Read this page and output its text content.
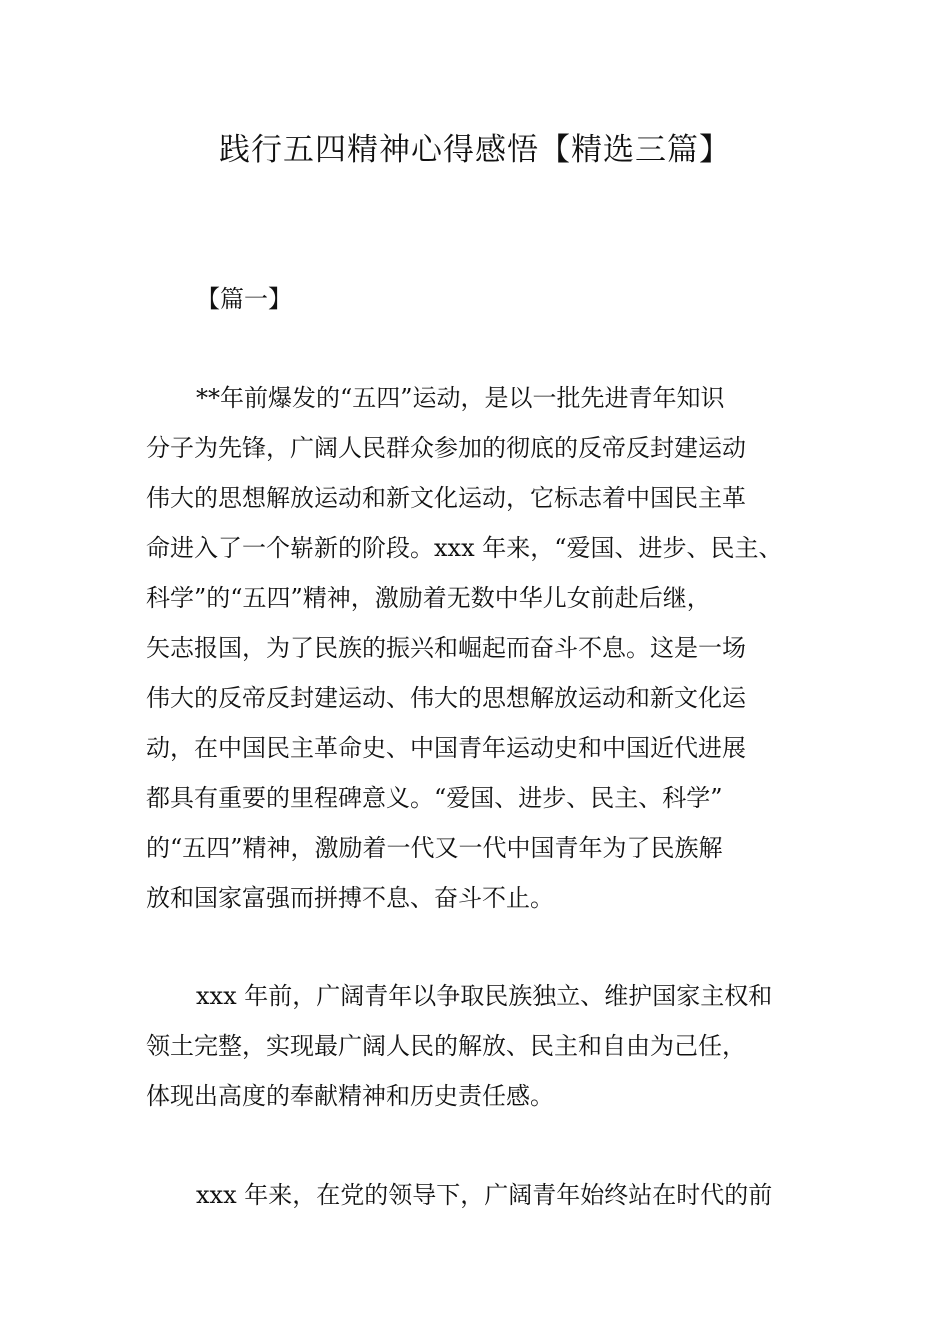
践行五四精神心得感悟【精选三篇】
【篇一】
**年前爆发的“五四”运动，是以一批先进青年知识
分子为先锋，广阔人民群众参加的彻底的反帝反封建运动
伟大的思想解放运动和新文化运动，它标志着中国民主革
命进入了一个崭新的阶段。xxx 年来，“爱国、进步、民主、
科学”的“五四”精神，激励着无数中华儿女前赴后继，
矢志报国，为了民族的振兴和崛起而奋斗不息。这是一场
伟大的反帝反封建运动、伟大的思想解放运动和新文化运
动，在中国民主革命史、中国青年运动史和中国近代进展
都具有重要的里程碑意义。“爱国、进步、民主、科学”
的“五四”精神，激励着一代又一代中国青年为了民族解
放和国家富强而拼搏不息、奋斗不止。
xxx 年前，广阔青年以争取民族独立、维护国家主权和
领土完整，实现最广阔人民的解放、民主和自由为己任，
体现出高度的奉献精神和历史责任感。
xxx 年来，在党的领导下，广阔青年始终站在时代的前
